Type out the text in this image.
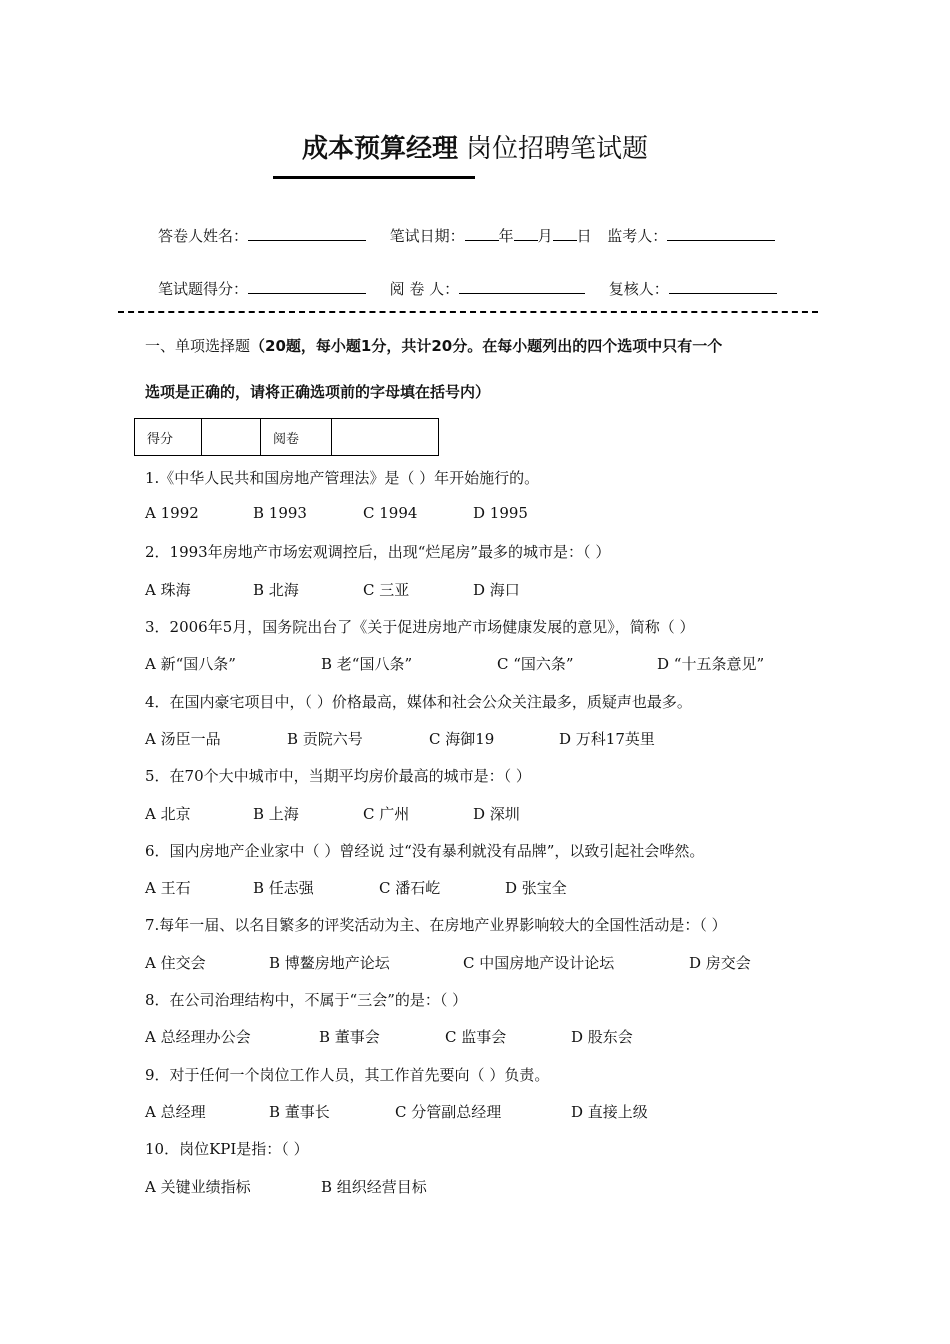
成本预算经理 岗位招聘笔试题
答卷人姓名：	笔试日期： 年 月 日 监考人：
笔试题得分：	阅 卷 人：	复核人：
一、单项选择题（20题，每小题1分，共计20分。在每小题列出的四个选项中只有一个
选项是正确的，请将正确选项前的字母填在括号内）
得分		阅卷	
1.《中华人民共和国房地产管理法》是（ ）年开始施行的。
A 1992	B 1993	C 1994	D 1995
2．1993年房地产市场宏观调控后，出现“烂尾房”最多的城市是：（ ）
A 珠海	B 北海	C 三亚	D 海口
3．2006年5月，国务院出台了《关于促进房地产市场健康发展的意见》，简称（ ）
A 新“国八条”	B 老“国八条”	C “国六条”	D “十五条意见”
4．在国内豪宅项目中，（ ）价格最高，媒体和社会公众关注最多，质疑声也最多。
A 汤臣一品	B 贡院六号	C 海御19	D 万科17英里
5．在70个大中城市中，当期平均房价最高的城市是：（ ）
A 北京	B 上海	C 广州	D 深圳
6．国内房地产企业家中（ ）曾经说 过“没有暴利就没有品牌”，以致引起社会哗然。
A 王石	B 任志强	C 潘石屹	D 张宝全
7.每年一届、以名目繁多的评奖活动为主、在房地产业界影响较大的全国性活动是：（ ）
A 住交会	B 博鳌房地产论坛	C 中国房地产设计论坛	D 房交会
8．在公司治理结构中，不属于“三会”的是：（ ）
A 总经理办公会	B 董事会	C 监事会	D 股东会
9．对于任何一个岗位工作人员，其工作首先要向（ ）负责。
A 总经理	B 董事长	C 分管副总经理	D 直接上级
10．岗位KPI是指：（ ）
A 关键业绩指标	B 组织经营目标
